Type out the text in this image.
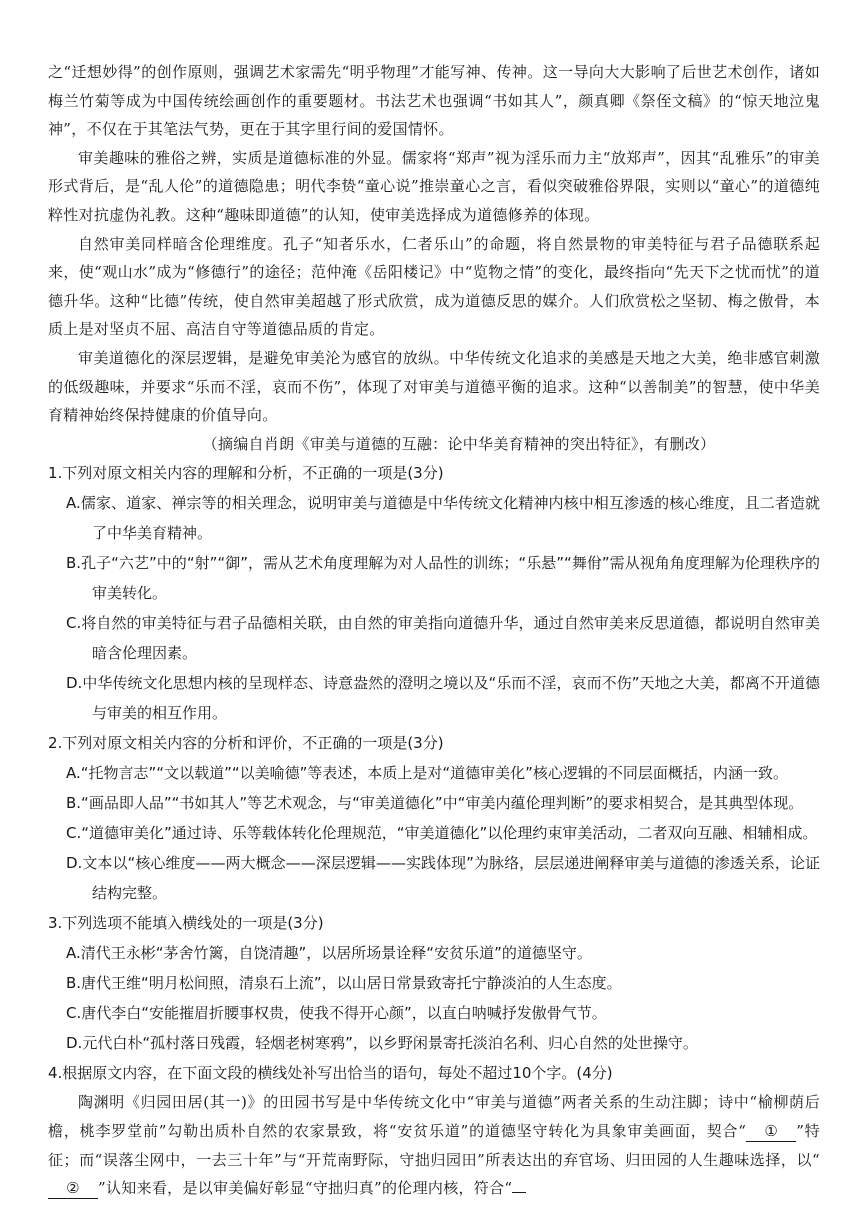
之“迁想妙得”的创作原则，强调艺术家需先“明乎物理”才能写神、传神。这一导向大大影响了后世艺术创作，诸如梅兰竹菊等成为中国传统绘画创作的重要题材。书法艺术也强调“书如其人”，颜真卿《祭侄文稿》的“惊天地泣鬼神”，不仅在于其笔法气势，更在于其字里行间的爱国情怀。

审美趣味的雅俗之辨，实质是道德标准的外显。儒家将“郑声”视为淫乐而力主“放郑声”，因其“乱雅乐”的审美形式背后，是“乱人伦”的道德隐患；明代李贽“童心说”推崇童心之言，看似突破雅俗界限，实则以“童心”的道德纯粹性对抗虚伪礼教。这种“趣味即道德”的认知，使审美选择成为道德修养的体现。

自然审美同样暗含伦理维度。孔子“知者乐水，仁者乐山”的命题，将自然景物的审美特征与君子品德联系起来，使“观山水”成为“修德行”的途径；范仲淹《岳阳楼记》中“览物之情”的变化，最终指向“先天下之忧而忧”的道德升华。这种“比德”传统，使自然审美超越了形式欣赏，成为道德反思的媒介。人们欣赏松之坚韧、梅之傲骨，本质上是对坚贞不屈、高洁自守等道德品质的肯定。

审美道德化的深层逻辑，是避免审美沦为感官的放纵。中华传统文化追求的美感是天地之大美，绝非感官刺激的低级趣味，并要求“乐而不淫，哀而不伤”，体现了对审美与道德平衡的追求。这种“以善制美”的智慧，使中华美育精神始终保持健康的价值导向。

（摘编自肖朗《审美与道德的互融：论中华美育精神的突出特征》，有删改）

1.下列对原文相关内容的理解和分析，不正确的一项是(3分)

A.儒家、道家、禅宗等的相关理念，说明审美与道德是中华传统文化精神内核中相互渗透的核心维度，且二者造就了中华美育精神。

B.孔子“六艺”中的“射”“御”，需从艺术角度理解为对人品性的训练；“乐悬”“舞佾”需从视角角度理解为伦理秩序的审美转化。

C.将自然的审美特征与君子品德相关联，由自然的审美指向道德升华，通过自然审美来反思道德，都说明自然审美暗含伦理因素。

D.中华传统文化思想内核的呈现样态、诗意盎然的澄明之境以及“乐而不淫，哀而不伤”天地之大美，都离不开道德与审美的相互作用。

2.下列对原文相关内容的分析和评价，不正确的一项是(3分)

A.“托物言志”“文以载道”“以美喻德”等表述，本质上是对“道德审美化”核心逻辑的不同层面概括，内涵一致。

B.“画品即人品”“书如其人”等艺术观念，与“审美道德化”中“审美内蕴伦理判断”的要求相契合，是其典型体现。

C.“道德审美化”通过诗、乐等载体转化伦理规范，“审美道德化”以伦理约束审美活动，二者双向互融、相辅相成。

D.文本以“核心维度——两大概念——深层逻辑——实践体现”为脉络，层层递进阐释审美与道德的渗透关系，论证结构完整。

3.下列选项不能填入横线处的一项是(3分)

A.清代王永彬“茅舍竹篱，自饶清趣”，以居所场景诠释“安贫乐道”的道德坚守。

B.唐代王维“明月松间照，清泉石上流”，以山居日常景致寄托宁静淡泊的人生态度。

C.唐代李白“安能摧眉折腰事权贵，使我不得开心颜”，以直白呐喊抒发傲骨气节。

D.元代白朴“孤村落日残霞，轻烟老树寒鸦”，以乡野闲景寄托淡泊名利、归心自然的处世操守。

4.根据原文内容，在下面文段的横线处补写出恰当的语句，每处不超过10个字。(4分)

陶渊明《归园田居(其一)》的田园书写是中华传统文化中“审美与道德”两者关系的生动注脚；诗中“榆柳荫后檐，桃李罗堂前”勾勒出质朴自然的农家景致，将“安贫乐道”的道德坚守转化为具象审美画面，契合“ ① ”特征；而“误落尘网中，一去三十年”与“开荒南野际，守拙归园田”所表达出的弃官场、归田园的人生趣味选择，以“② ”认知来看，是以审美偏好彰显“守拙归真”的伦理内核，符合“
